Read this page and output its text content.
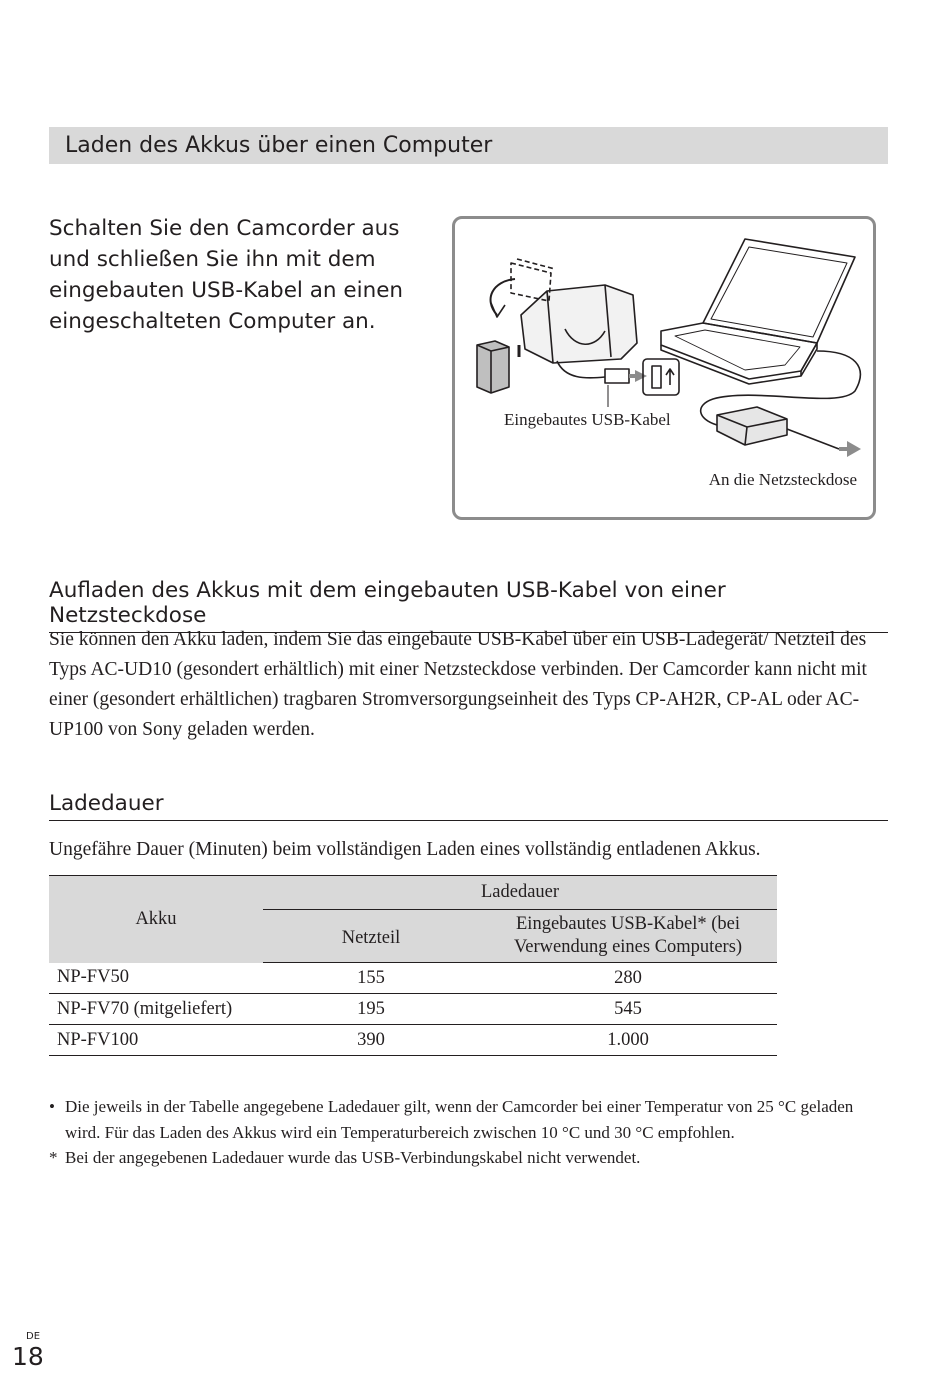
Laden des Akkus über einen Computer
Schalten Sie den Camcorder aus und schließen Sie ihn mit dem eingebauten USB-Kabel an einen eingeschalteten Computer an.
Eingebautes USB-Kabel
An die Netzsteckdose
Aufladen des Akkus mit dem eingebauten USB-Kabel von einer Netzsteckdose
Sie können den Akku laden, indem Sie das eingebaute USB-Kabel über ein USB-Ladegerät/ Netzteil des Typs AC-UD10 (gesondert erhältlich) mit einer Netzsteckdose verbinden. Der Camcorder kann nicht mit einer (gesondert erhältlichen) tragbaren Stromversorgungseinheit des Typs CP-AH2R, CP-AL oder AC-UP100 von Sony geladen werden.
Ladedauer
Ungefähre Dauer (Minuten) beim vollständigen Laden eines vollständig entladenen Akkus.
Akku	Ladedauer	
	Netzteil	Eingebautes USB-Kabel* (bei Verwendung eines Computers)
NP-FV50	155	280
NP-FV70 (mitgeliefert)	195	545
NP-FV100	390	1.000
• Die jeweils in der Tabelle angegebene Ladedauer gilt, wenn der Camcorder bei einer Temperatur von 25 °C geladen wird. Für das Laden des Akkus wird ein Temperaturbereich zwischen 10 °C und 30 °C empfohlen.
* Bei der angegebenen Ladedauer wurde das USB-Verbindungskabel nicht verwendet.
DE
18
